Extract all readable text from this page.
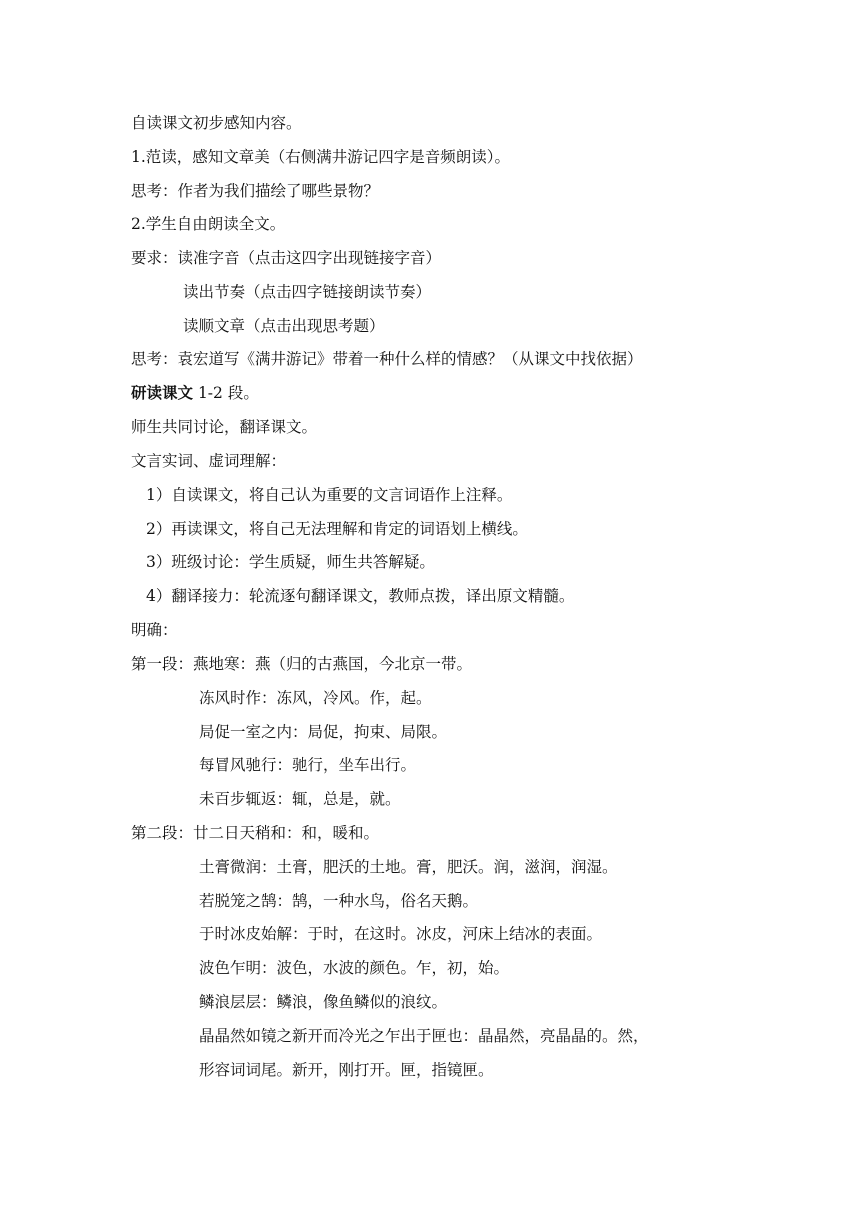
自读课文初步感知内容。
1.范读，感知文章美（右侧满井游记四字是音频朗读）。
思考：作者为我们描绘了哪些景物？
2.学生自由朗读全文。
要求：读准字音（点击这四字出现链接字音）
读出节奏（点击四字链接朗读节奏）
读顺文章（点击出现思考题）
思考：袁宏道写《满井游记》带着一种什么样的情感？（从课文中找依据）
研读课文 1-2 段。
师生共同讨论，翻译课文。
文言实词、虚词理解：
1）自读课文，将自己认为重要的文言词语作上注释。
2）再读课文，将自己无法理解和肯定的词语划上横线。
3）班级讨论：学生质疑，师生共答解疑。
4）翻译接力：轮流逐句翻译课文，教师点拨，译出原文精髓。
明确：
第一段：燕地寒：燕（归的古燕国，今北京一带。
冻风时作：冻风，冷风。作，起。
局促一室之内：局促，拘束、局限。
每冒风驰行：驰行，坐车出行。
未百步辄返：辄，总是，就。
第二段：廿二日天稍和：和，暖和。
土膏微润：土膏，肥沃的土地。膏，肥沃。润，滋润，润湿。
若脱笼之鹄：鹄，一种水鸟，俗名天鹅。
于时冰皮始解：于时，在这时。冰皮，河床上结冰的表面。
波色乍明：波色，水波的颜色。乍，初，始。
鳞浪层层：鳞浪，像鱼鳞似的浪纹。
晶晶然如镜之新开而冷光之乍出于匣也：晶晶然，亮晶晶的。然，
形容词词尾。新开，刚打开。匣，指镜匣。
